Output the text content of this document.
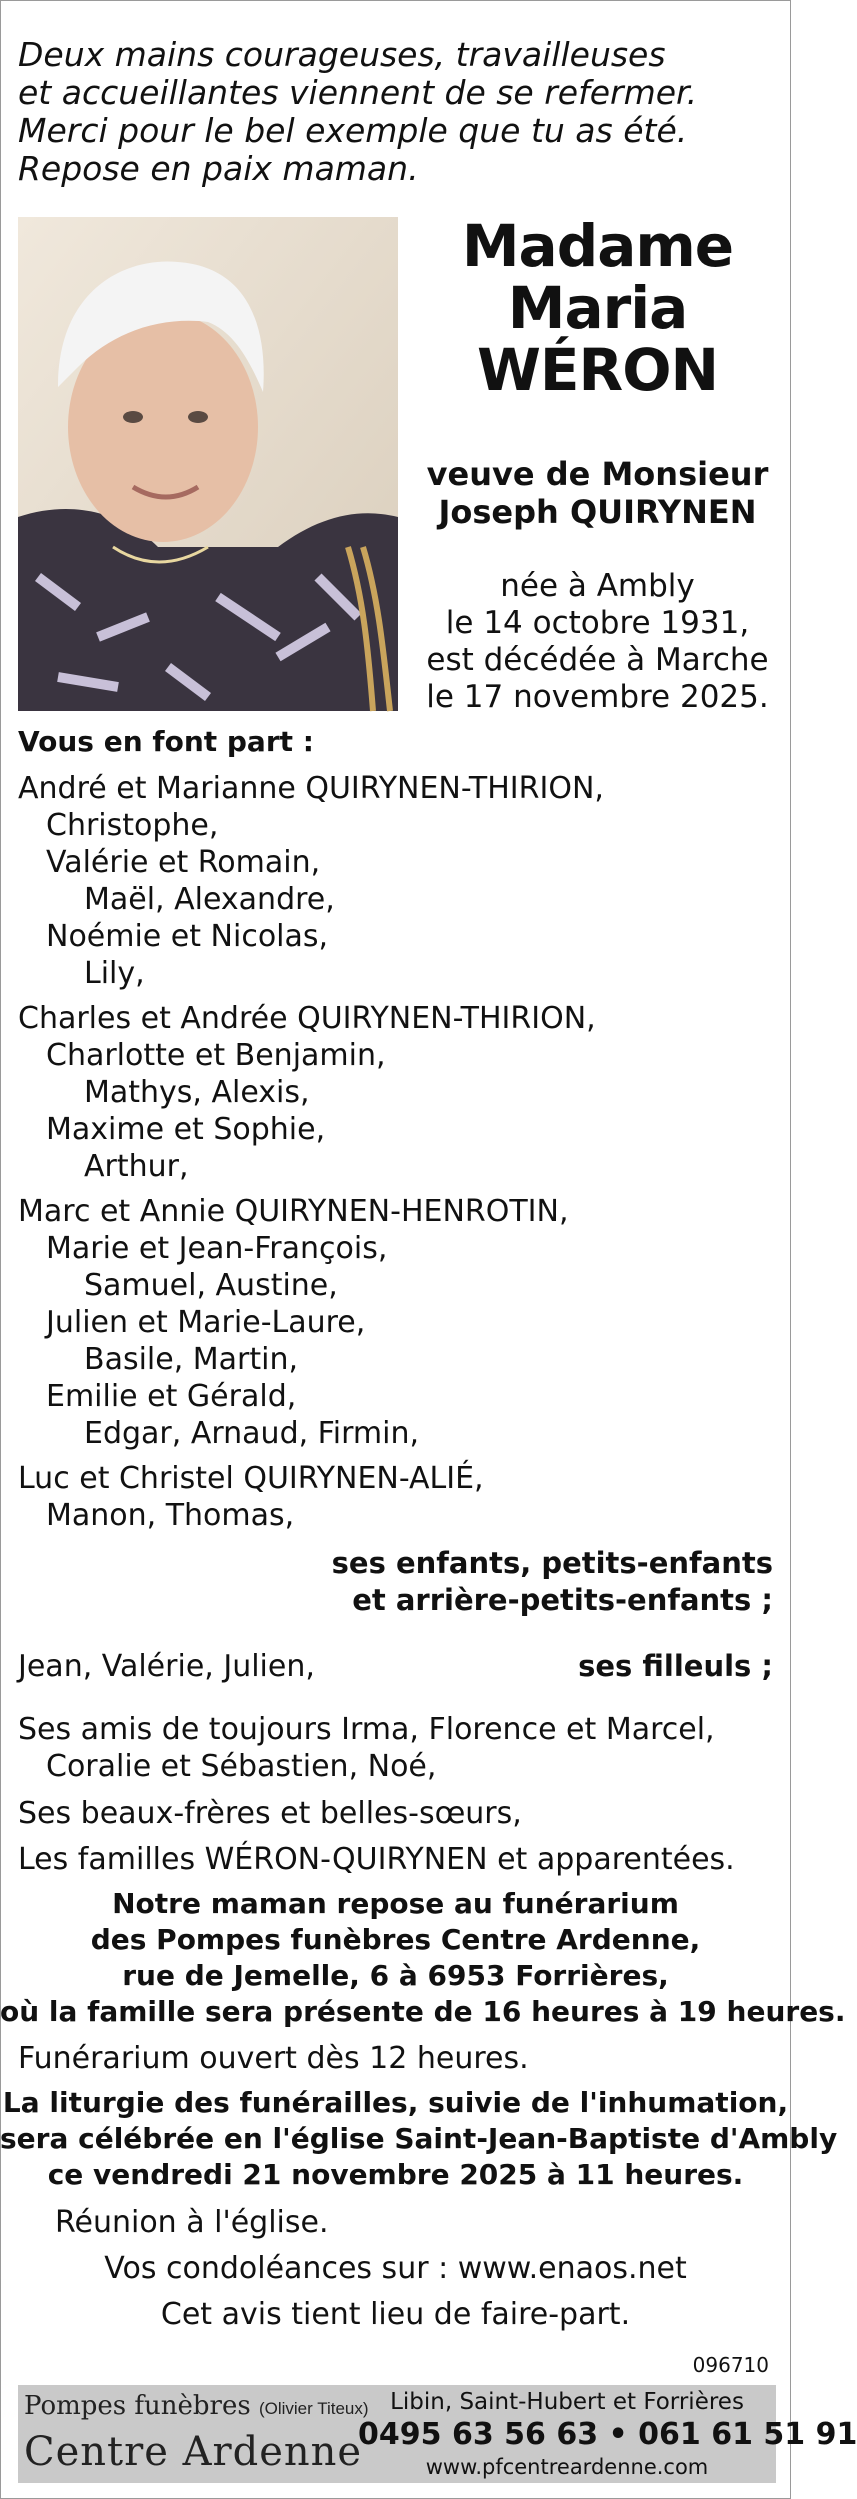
Deux mains courageuses, travailleuses
et accueillantes viennent de se refermer.
Merci pour le bel exemple que tu as été.
Repose en paix maman.
Madame
Maria
WÉRON
veuve de Monsieur
Joseph QUIRYNEN
née à Ambly
le 14 octobre 1931,
est décédée à Marche
le 17 novembre 2025.
Vous en font part :
André et Marianne QUIRYNEN-THIRION,
Christophe,
Valérie et Romain,
Maël, Alexandre,
Noémie et Nicolas,
Lily,
Charles et Andrée QUIRYNEN-THIRION,
Charlotte et Benjamin,
Mathys, Alexis,
Maxime et Sophie,
Arthur,
Marc et Annie QUIRYNEN-HENROTIN,
Marie et Jean-François,
Samuel, Austine,
Julien et Marie-Laure,
Basile, Martin,
Emilie et Gérald,
Edgar, Arnaud, Firmin,
Luc et Christel QUIRYNEN-ALIÉ,
Manon, Thomas,
ses enfants, petits-enfants
et arrière-petits-enfants ;
Jean, Valérie, Julien,	ses filleuls ;
Ses amis de toujours Irma, Florence et Marcel,
Coralie et Sébastien, Noé,
Ses beaux-frères et belles-sœurs,
Les familles WÉRON-QUIRYNEN et apparentées.
Notre maman repose au funérarium
des Pompes funèbres Centre Ardenne,
rue de Jemelle, 6 à 6953 Forrières,
où la famille sera présente de 16 heures à 19 heures.
Funérarium ouvert dès 12 heures.
La liturgie des funérailles, suivie de l'inhumation,
sera célébrée en l'église Saint-Jean-Baptiste d'Ambly
ce vendredi 21 novembre 2025 à 11 heures.
Réunion à l'église.
Vos condoléances sur : www.enaos.net
Cet avis tient lieu de faire-part.
096710
Pompes funèbres (Olivier Titeux)
Centre Ardenne
Libin, Saint-Hubert et Forrières
0495 63 56 63 • 061 61 51 91
www.pfcentreardenne.com
